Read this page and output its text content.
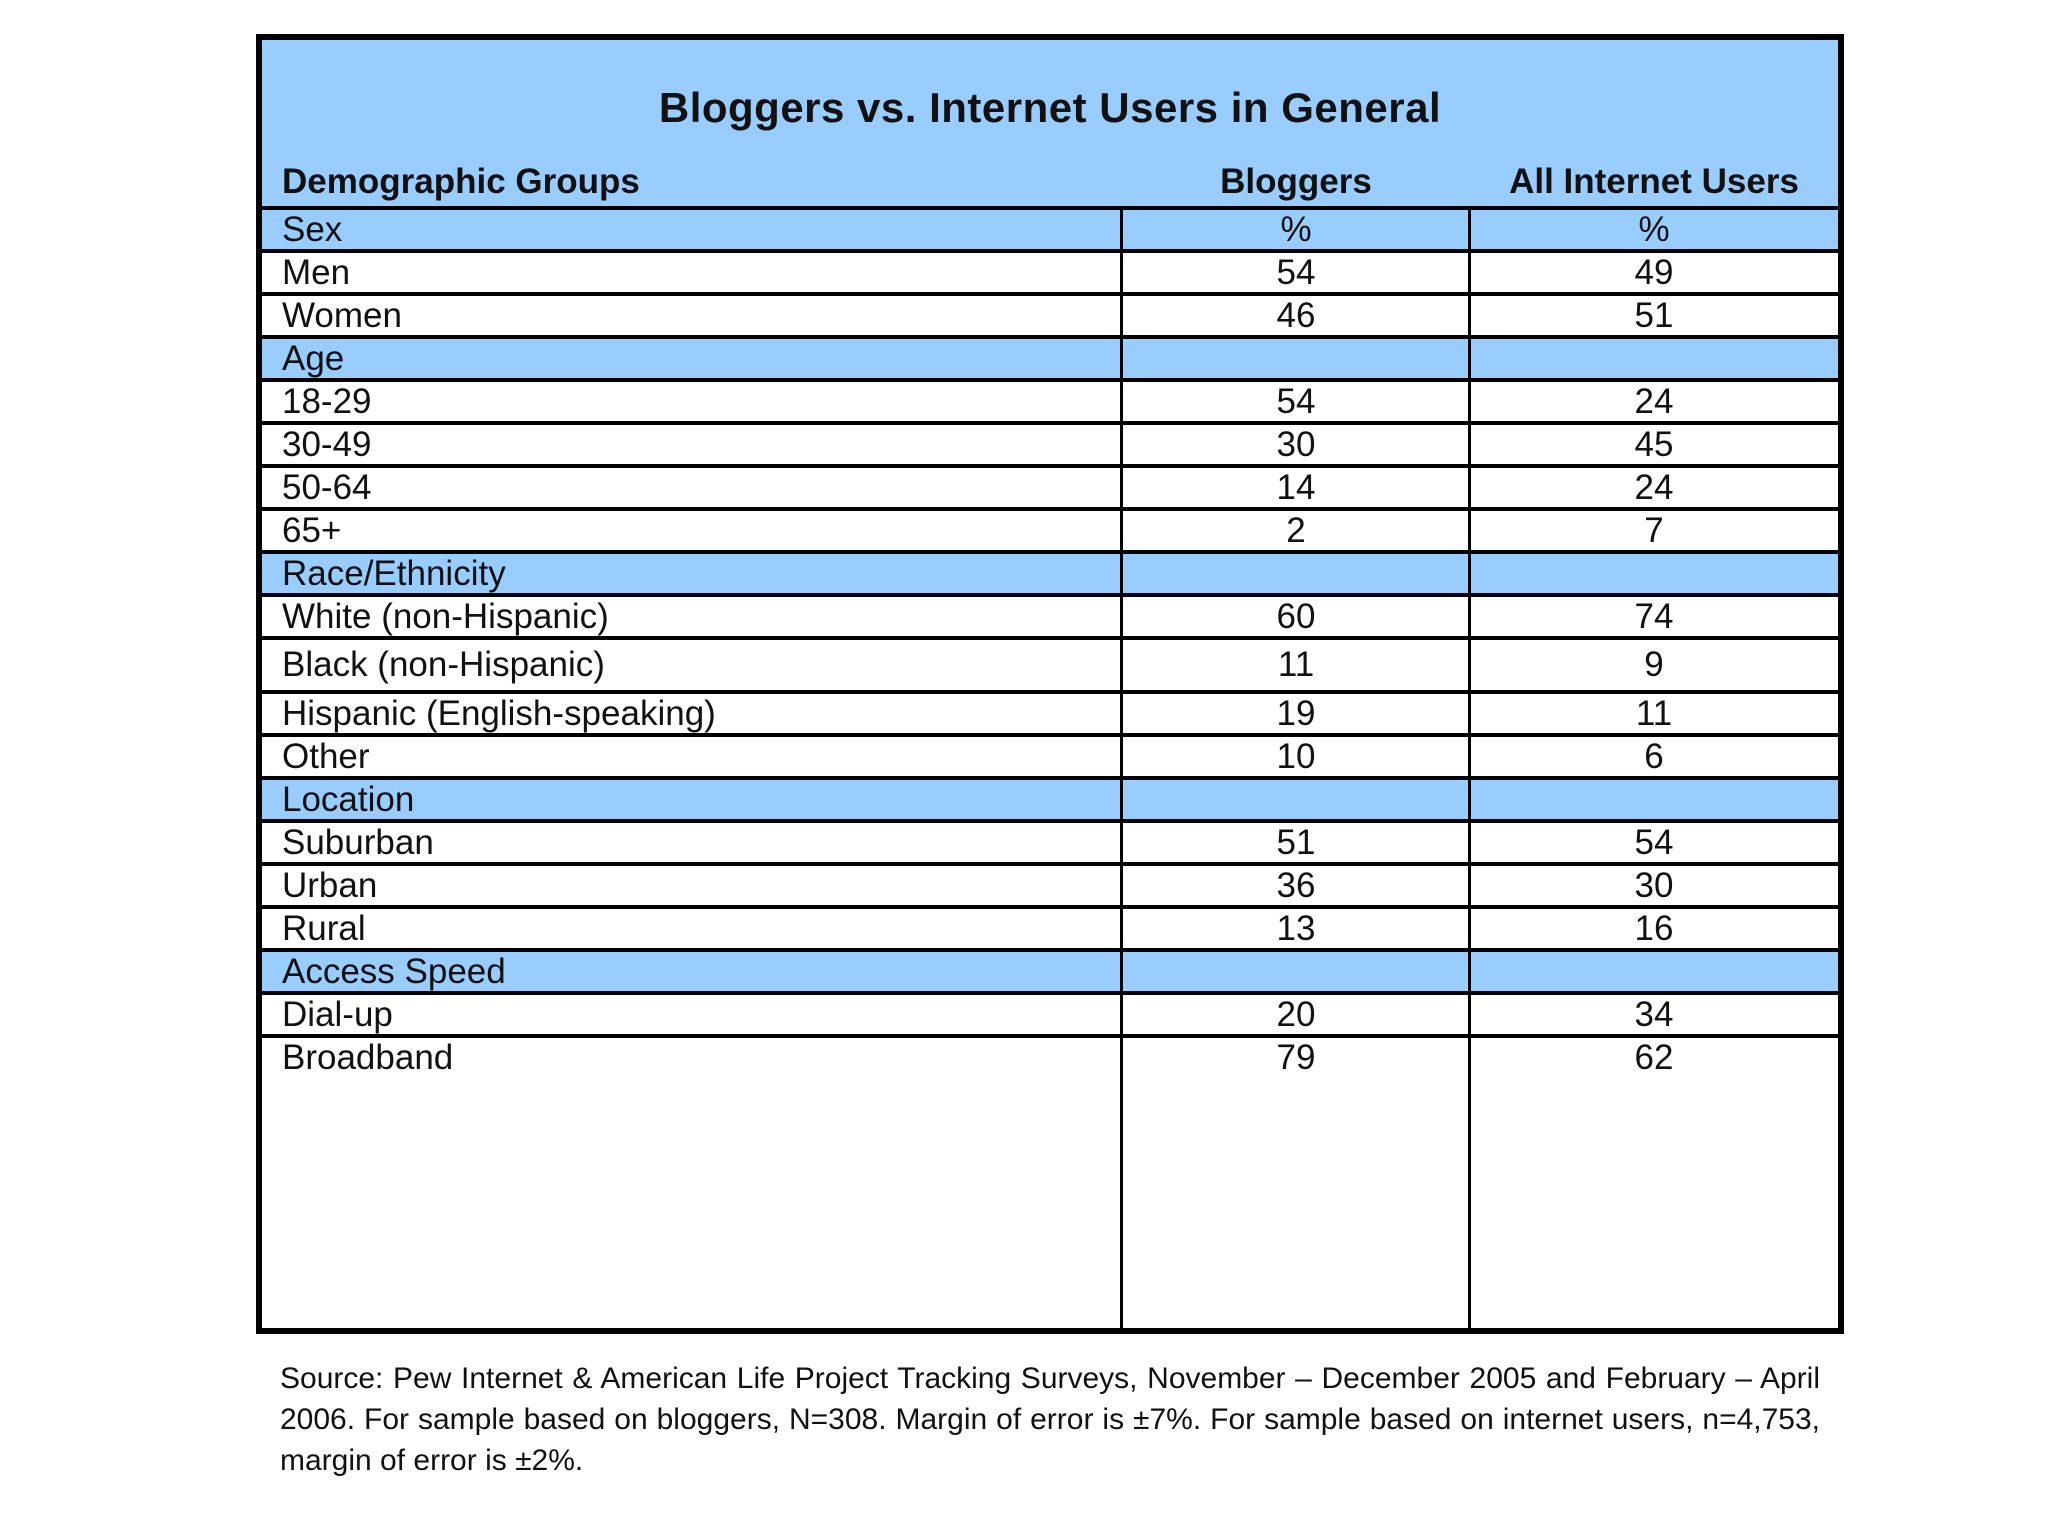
Bloggers vs. Internet Users in General
Demographic Groups	Bloggers	All Internet Users
Sex	%	%
Men	54	49
Women	46	51
Age
18-29	54	24
30-49	30	45
50-64	14	24
65+	2	7
Race/Ethnicity
White (non-Hispanic)	60	74
Black (non-Hispanic)	11	9
Hispanic (English-speaking)	19	11
Other	10	6
Location
Suburban	51	54
Urban	36	30
Rural	13	16
Access Speed
Dial-up	20	34
Broadband	79	62
Source: Pew Internet & American Life Project Tracking Surveys, November – December 2005 and February – April 2006. For sample based on bloggers, N=308. Margin of error is ±7%. For sample based on internet users, n=4,753, margin of error is ±2%.
